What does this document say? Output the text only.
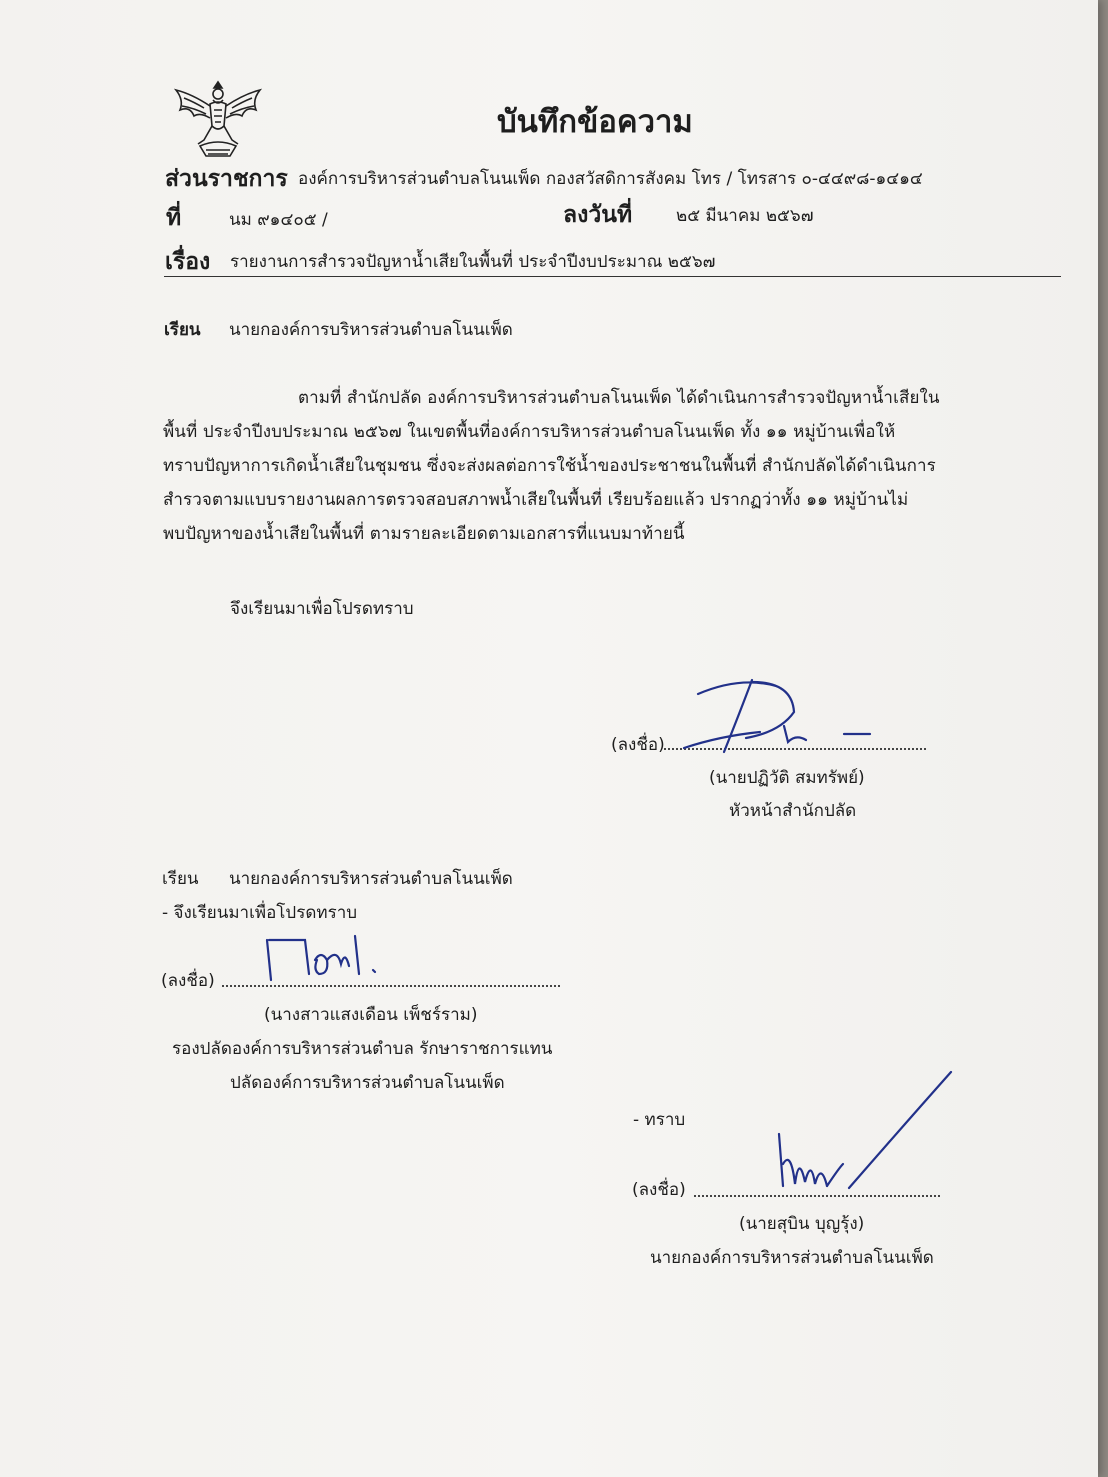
บันทึกข้อความ
ส่วนราชการ องค์การบริหารส่วนตำบลโนนเพ็ด กองสวัสดิการสังคม โทร / โทรสาร ๐-๔๔๙๘-๑๔๑๔
ที่	นม ๙๑๔๐๕ /	ลงวันที่	๒๕ มีนาคม ๒๕๖๗
เรื่อง รายงานการสำรวจปัญหาน้ำเสียในพื้นที่ ประจำปีงบประมาณ ๒๕๖๗
เรียน นายกองค์การบริหารส่วนตำบลโนนเพ็ด
ตามที่ สำนักปลัด องค์การบริหารส่วนตำบลโนนเพ็ด ได้ดำเนินการสำรวจปัญหาน้ำเสียใน
พื้นที่ ประจำปีงบประมาณ ๒๕๖๗ ในเขตพื้นที่องค์การบริหารส่วนตำบลโนนเพ็ด ทั้ง ๑๑ หมู่บ้านเพื่อให้
ทราบปัญหาการเกิดน้ำเสียในชุมชน ซึ่งจะส่งผลต่อการใช้น้ำของประชาชนในพื้นที่ สำนักปลัดได้ดำเนินการ
สำรวจตามแบบรายงานผลการตรวจสอบสภาพน้ำเสียในพื้นที่ เรียบร้อยแล้ว ปรากฏว่าทั้ง ๑๑ หมู่บ้านไม่
พบปัญหาของน้ำเสียในพื้นที่ ตามรายละเอียดตามเอกสารที่แนบมาท้ายนี้
จึงเรียนมาเพื่อโปรดทราบ
(ลงชื่อ)
(นายปฏิวัติ สมทรัพย์)
หัวหน้าสำนักปลัด
เรียน นายกองค์การบริหารส่วนตำบลโนนเพ็ด
- จึงเรียนมาเพื่อโปรดทราบ
(ลงชื่อ)
(นางสาวแสงเดือน เพ็ชร์ราม)
รองปลัดองค์การบริหารส่วนตำบล รักษาราชการแทน
ปลัดองค์การบริหารส่วนตำบลโนนเพ็ด
- ทราบ
(ลงชื่อ)
(นายสุบิน บุญรุ้ง)
นายกองค์การบริหารส่วนตำบลโนนเพ็ด
